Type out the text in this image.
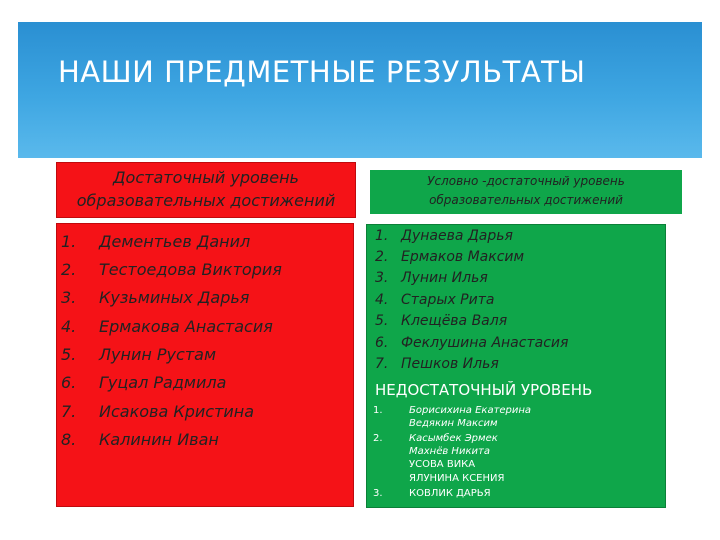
НАШИ ПРЕДМЕТНЫЕ РЕЗУЛЬТАТЫ
Достаточный уровень
образовательных достижений
Условно -достаточный уровень
образовательных достижений
1. Дементьев Данил
2. Тестоедова Виктория
3. Кузьминых Дарья
4. Ермакова Анастасия
5. Лунин Рустам
6. Гуцал Радмила
7. Исакова Кристина
8. Калинин Иван
1. Дунаева Дарья
2. Ермаков Максим
3. Лунин Илья
4. Старых Рита
5. Клещёва Валя
6. Феклушина Анастасия
7. Пешков Илья
НЕДОСТАТОЧНЫЙ УРОВЕНЬ
1.	Борисихина Екатерина
Ведякин Максим
2.	Касымбек Эрмек
Махнёв Никита
УСОВА ВИКА
ЯЛУНИНА КСЕНИЯ
3.	КОВЛИК ДАРЬЯ
